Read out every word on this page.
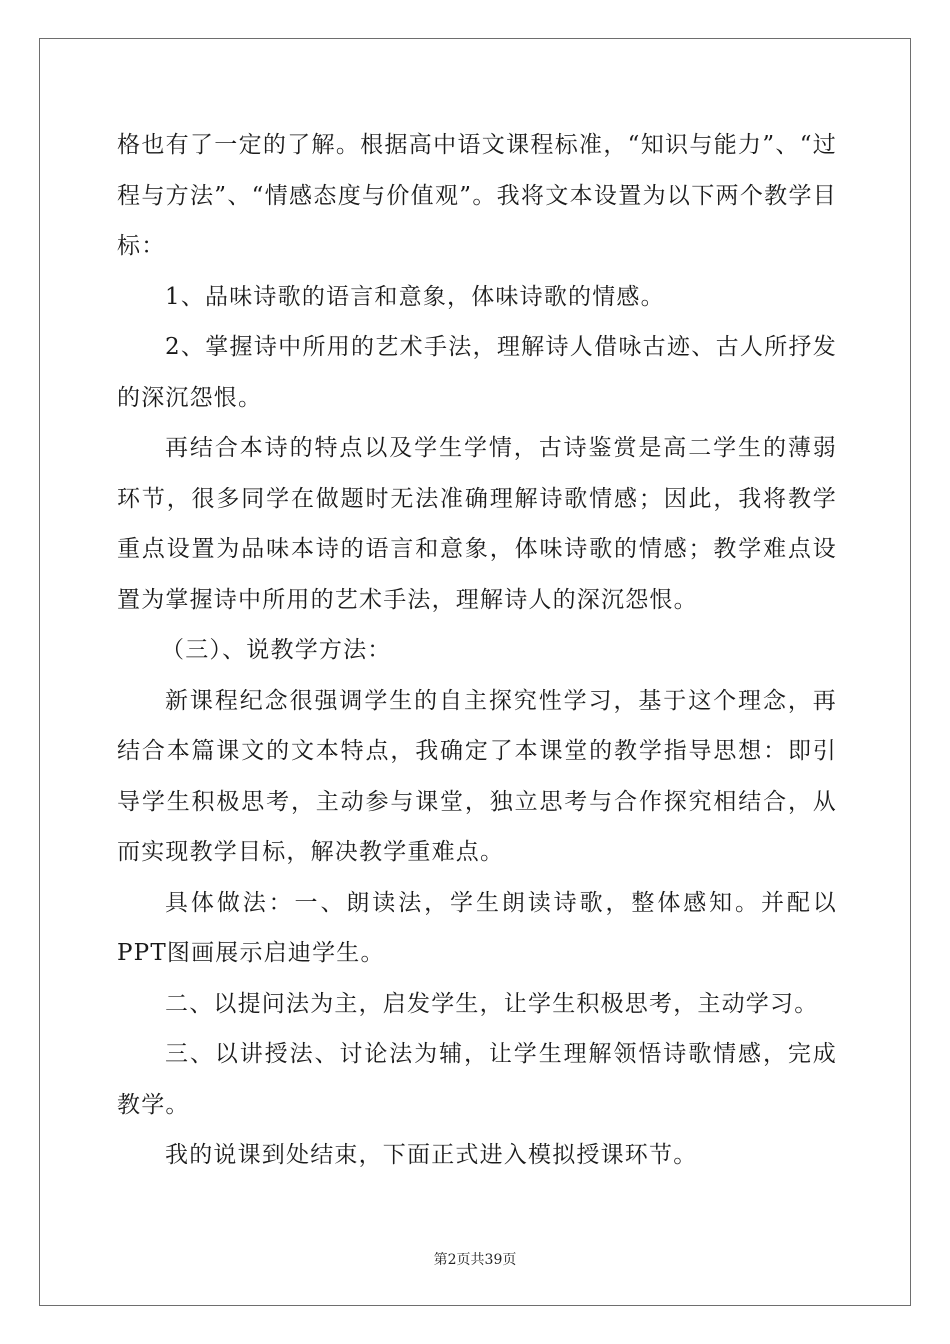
格也有了一定的了解。根据高中语文课程标准，“知识与能力”、“过程与方法”、“情感态度与价值观”。我将文本设置为以下两个教学目标：

1、品味诗歌的语言和意象，体味诗歌的情感。

2、掌握诗中所用的艺术手法，理解诗人借咏古迹、古人所抒发的深沉怨恨。

再结合本诗的特点以及学生学情，古诗鉴赏是高二学生的薄弱环节，很多同学在做题时无法准确理解诗歌情感；因此，我将教学重点设置为品味本诗的语言和意象，体味诗歌的情感；教学难点设置为掌握诗中所用的艺术手法，理解诗人的深沉怨恨。

（三）、说教学方法：

新课程纪念很强调学生的自主探究性学习，基于这个理念，再结合本篇课文的文本特点，我确定了本课堂的教学指导思想：即引导学生积极思考，主动参与课堂，独立思考与合作探究相结合，从而实现教学目标，解决教学重难点。

具体做法：一、朗读法，学生朗读诗歌，整体感知。并配以PPT图画展示启迪学生。

二、以提问法为主，启发学生，让学生积极思考，主动学习。

三、以讲授法、讨论法为辅，让学生理解领悟诗歌情感，完成教学。

我的说课到处结束，下面正式进入模拟授课环节。

第2页共39页
